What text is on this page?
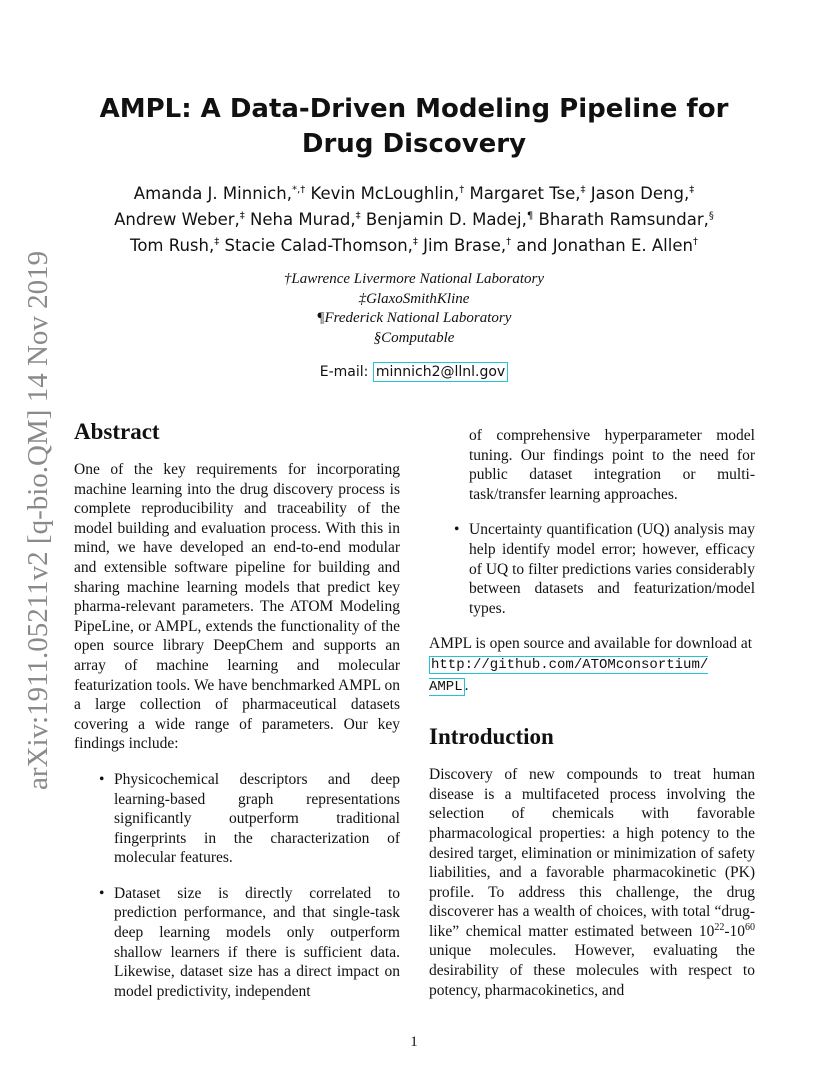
arXiv:1911.05211v2 [q-bio.QM] 14 Nov 2019
AMPL: A Data-Driven Modeling Pipeline for
Drug Discovery
Amanda J. Minnich,*,† Kevin McLoughlin,† Margaret Tse,‡ Jason Deng,‡
Andrew Weber,‡ Neha Murad,‡ Benjamin D. Madej,¶ Bharath Ramsundar,§
Tom Rush,‡ Stacie Calad-Thomson,‡ Jim Brase,† and Jonathan E. Allen†
†Lawrence Livermore National Laboratory
‡GlaxoSmithKline
¶Frederick National Laboratory
§Computable
E-mail: minnich2@llnl.gov
Abstract

One of the key requirements for incorporating machine learning into the drug discovery process is complete reproducibility and traceability of the model building and evaluation process. With this in mind, we have developed an end-to-end modular and extensible software pipeline for building and sharing machine learning models that predict key pharma-relevant parameters. The ATOM Modeling PipeLine, or AMPL, extends the functionality of the open source library DeepChem and supports an array of machine learning and molecular featurization tools. We have benchmarked AMPL on a large collection of pharmaceutical datasets covering a wide range of parameters. Our key findings include:

• Physicochemical descriptors and deep learning-based graph representations significantly outperform traditional fingerprints in the characterization of molecular features.
• Dataset size is directly correlated to prediction performance, and that single-task deep learning models only outperform shallow learners if there is sufficient data. Likewise, dataset size has a direct impact on model predictivity, independent

of comprehensive hyperparameter model tuning. Our findings point to the need for public dataset integration or multi-task/transfer learning approaches.

• Uncertainty quantification (UQ) analysis may help identify model error; however, efficacy of UQ to filter predictions varies considerably between datasets and featurization/model types.

AMPL is open source and available for download at http://github.com/ATOMconsortium/
AMPL .

Introduction

Discovery of new compounds to treat human disease is a multifaceted process involving the selection of chemicals with favorable pharmacological properties: a high potency to the desired target, elimination or minimization of safety liabilities, and a favorable pharmacokinetic (PK) profile. To address this challenge, the drug discoverer has a wealth of choices, with total “drug-like” chemical matter estimated between $10^{22}-10^{60}$ unique molecules. However, evaluating the desirability of these molecules with respect to potency, pharmacokinetics, and

1
